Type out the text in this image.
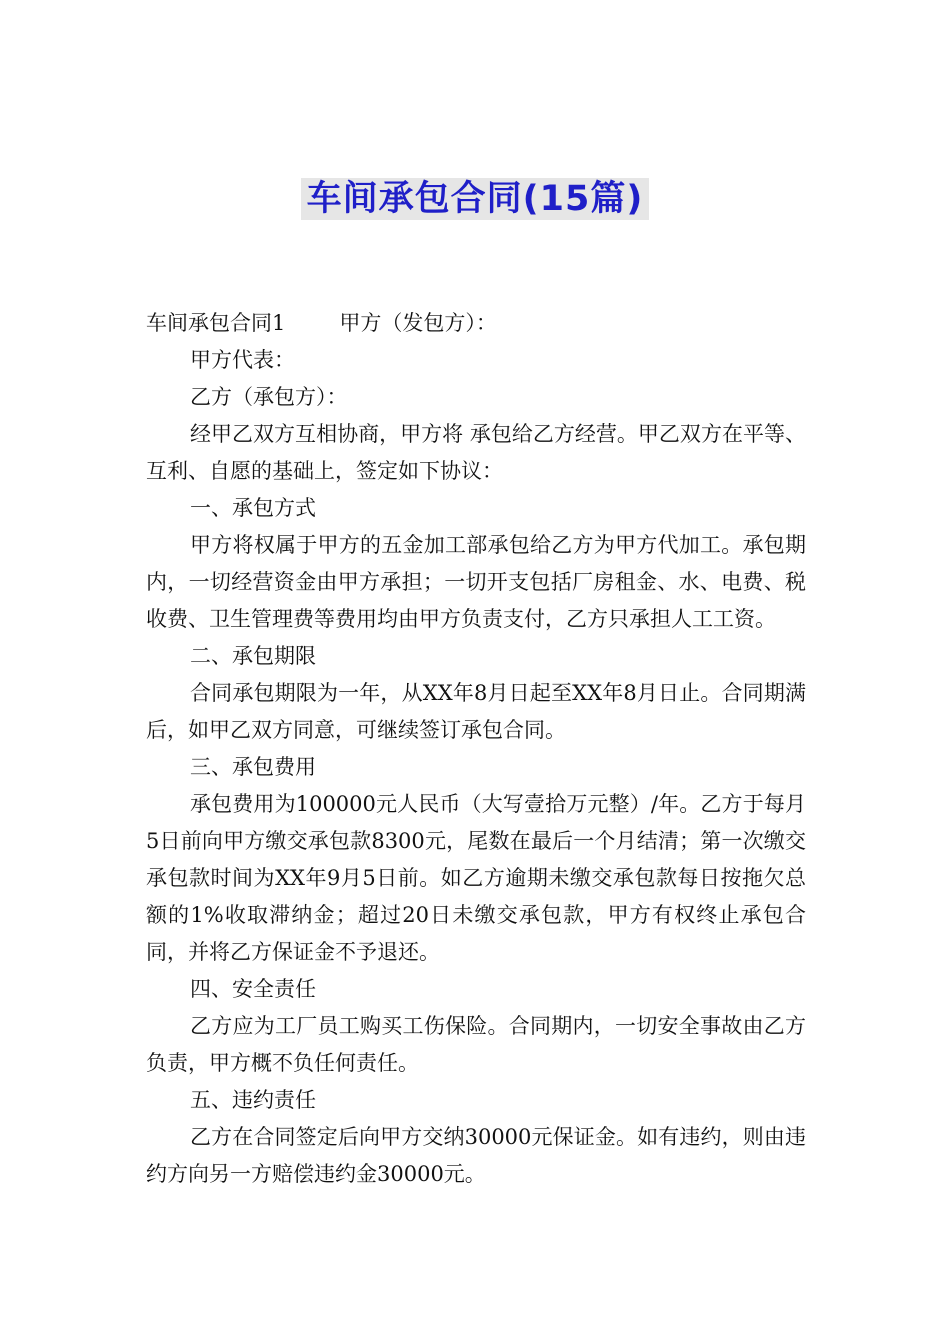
车间承包合同(15篇)

车间承包合同1	甲方（发包方）：

甲方代表：

乙方（承包方）：

经甲乙双方互相协商，甲方将 承包给乙方经营。甲乙双方在平等、互利、自愿的基础上，签定如下协议：

一、承包方式

甲方将权属于甲方的五金加工部承包给乙方为甲方代加工。承包期内，一切经营资金由甲方承担；一切开支包括厂房租金、水、电费、税收费、卫生管理费等费用均由甲方负责支付，乙方只承担人工工资。

二、承包期限

合同承包期限为一年，从XX年8月日起至XX年8月日止。合同期满后，如甲乙双方同意，可继续签订承包合同。

三、承包费用

承包费用为100000元人民币（大写壹拾万元整）/年。乙方于每月5日前向甲方缴交承包款8300元，尾数在最后一个月结清；第一次缴交承包款时间为XX年9月5日前。如乙方逾期未缴交承包款每日按拖欠总额的1%收取滞纳金；超过20日未缴交承包款，甲方有权终止承包合同，并将乙方保证金不予退还。

四、安全责任

乙方应为工厂员工购买工伤保险。合同期内，一切安全事故由乙方负责，甲方概不负任何责任。

五、违约责任

乙方在合同签定后向甲方交纳30000元保证金。如有违约，则由违约方向另一方赔偿违约金30000元。
